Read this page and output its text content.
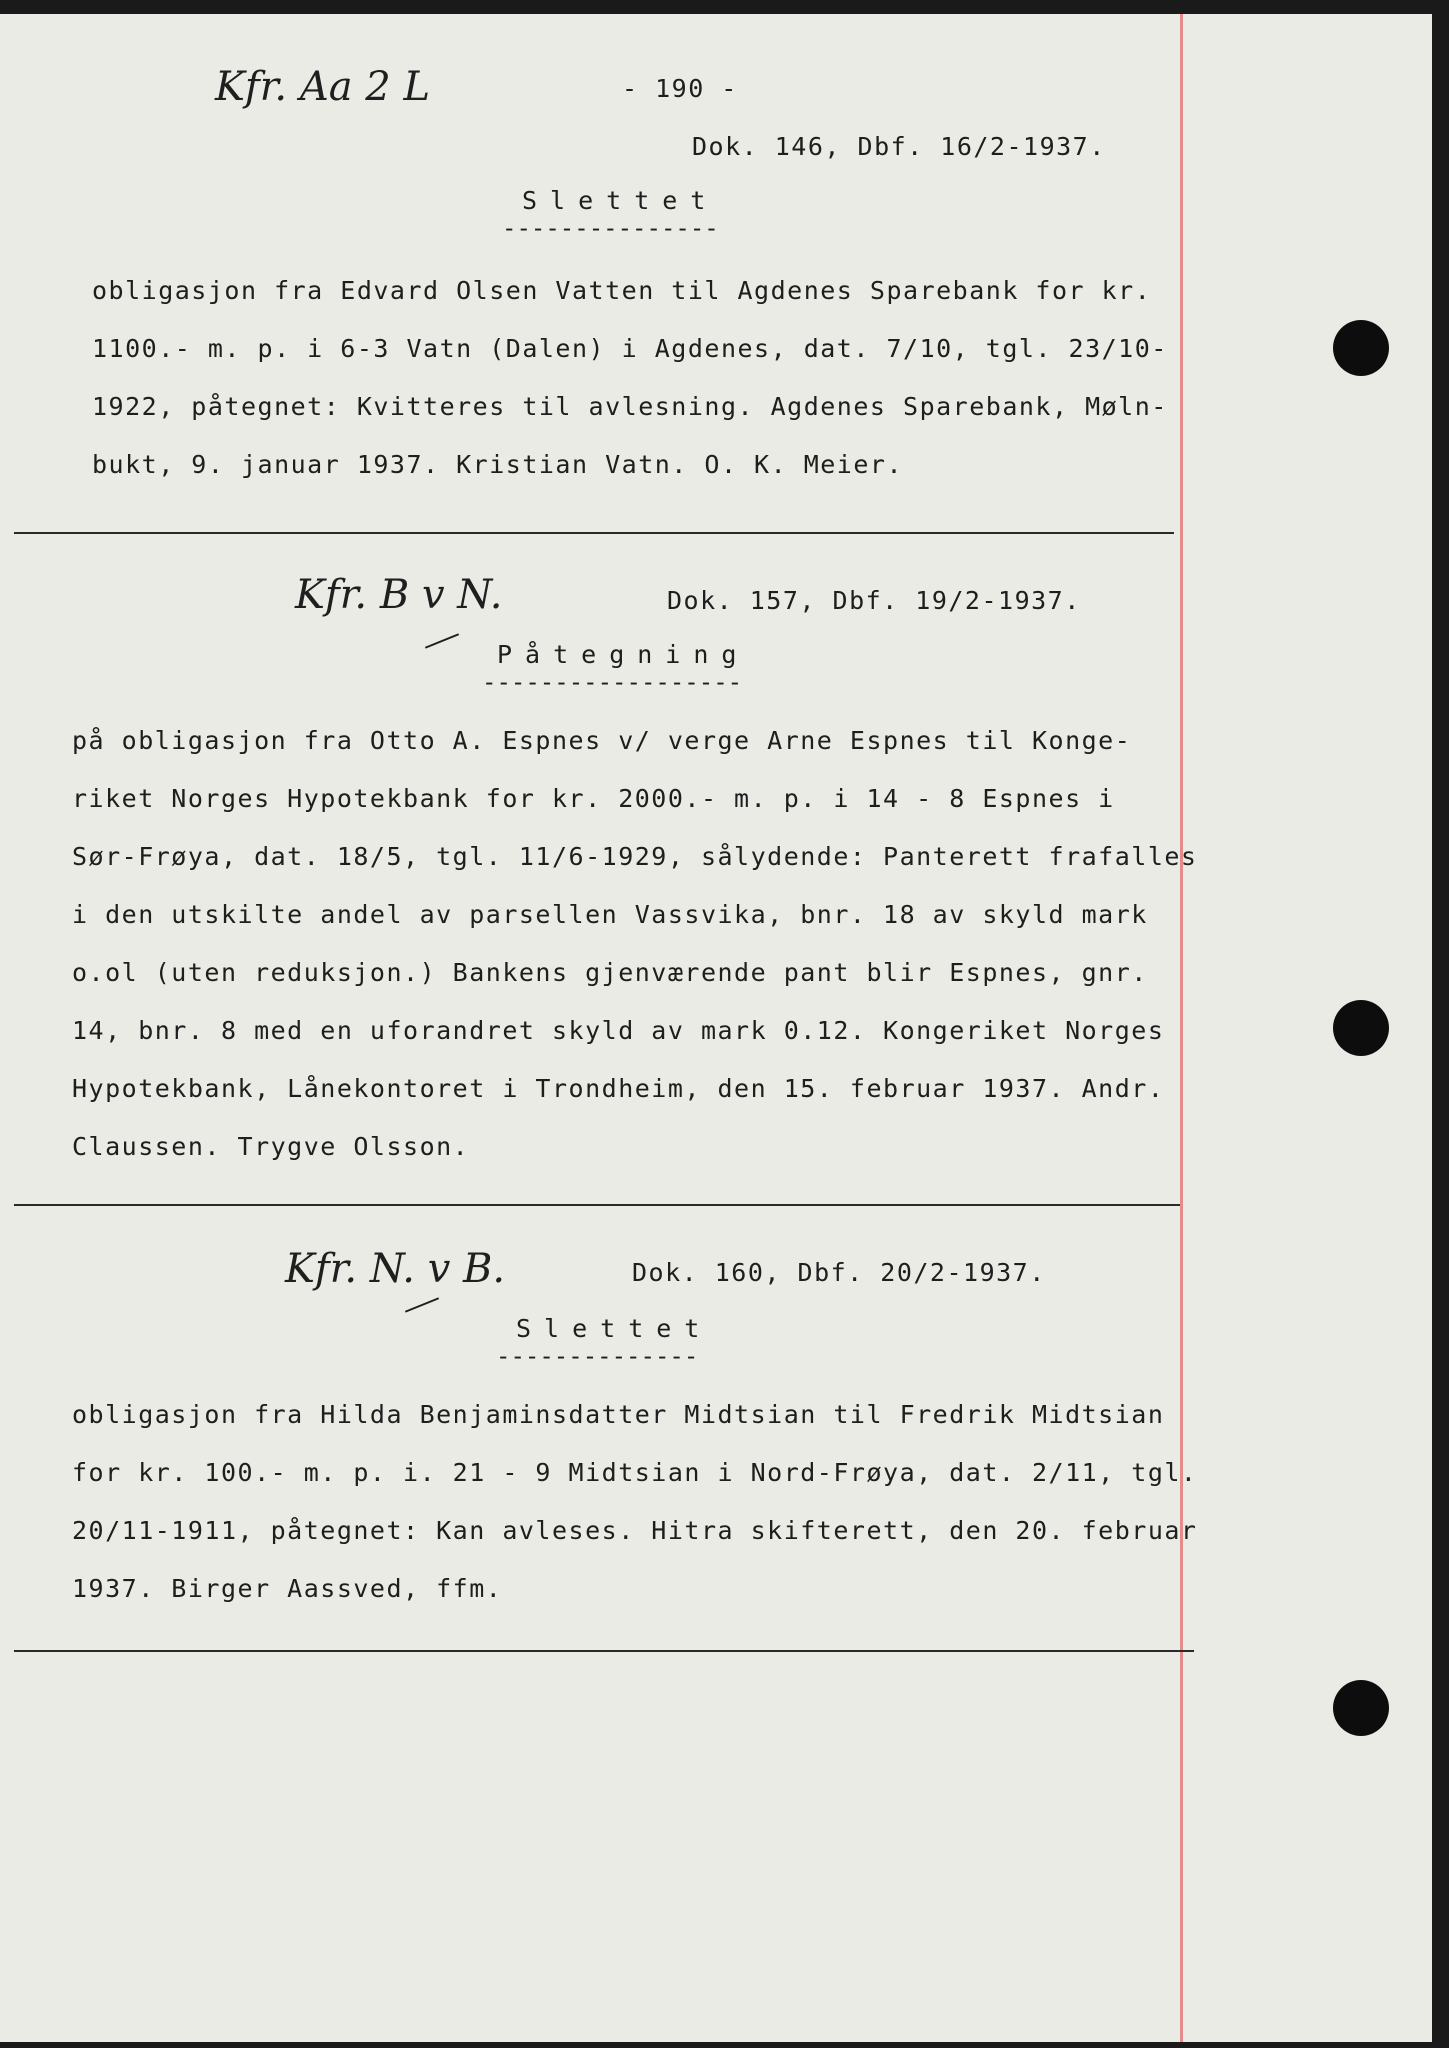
- 190 -
Kfr. Aa 2 L
Dok. 146, Dbf. 16/2-1937.
Slettet
---------------
obligasjon fra Edvard Olsen Vatten til Agdenes Sparebank for kr.
1100.- m. p. i 6-3 Vatn (Dalen) i Agdenes, dat. 7/10, tgl. 23/10-
1922, påtegnet: Kvitteres til avlesning. Agdenes Sparebank, Møln-
bukt, 9. januar 1937. Kristian Vatn. O. K. Meier.
Kfr. B v N.	Dok. 157, Dbf. 19/2-1937.
Påtegning
------------------
på obligasjon fra Otto A. Espnes v/ verge Arne Espnes til Konge-
riket Norges Hypotekbank for kr. 2000.- m. p. i 14 - 8 Espnes i
Sør-Frøya, dat. 18/5, tgl. 11/6-1929, sålydende: Panterett frafalles
i den utskilte andel av parsellen Vassvika, bnr. 18 av skyld mark
o.ol (uten reduksjon.) Bankens gjenværende pant blir Espnes, gnr.
14, bnr. 8 med en uforandret skyld av mark 0.12. Kongeriket Norges
Hypotekbank, Lånekontoret i Trondheim, den 15. februar 1937. Andr.
Claussen. Trygve Olsson.
Kfr. N. v B.	Dok. 160, Dbf. 20/2-1937.
Slettet
--------------
obligasjon fra Hilda Benjaminsdatter Midtsian til Fredrik Midtsian
for kr. 100.- m. p. i. 21 - 9 Midtsian i Nord-Frøya, dat. 2/11, tgl.
20/11-1911, påtegnet: Kan avleses. Hitra skifterett, den 20. februar
1937. Birger Aassved, ffm.
